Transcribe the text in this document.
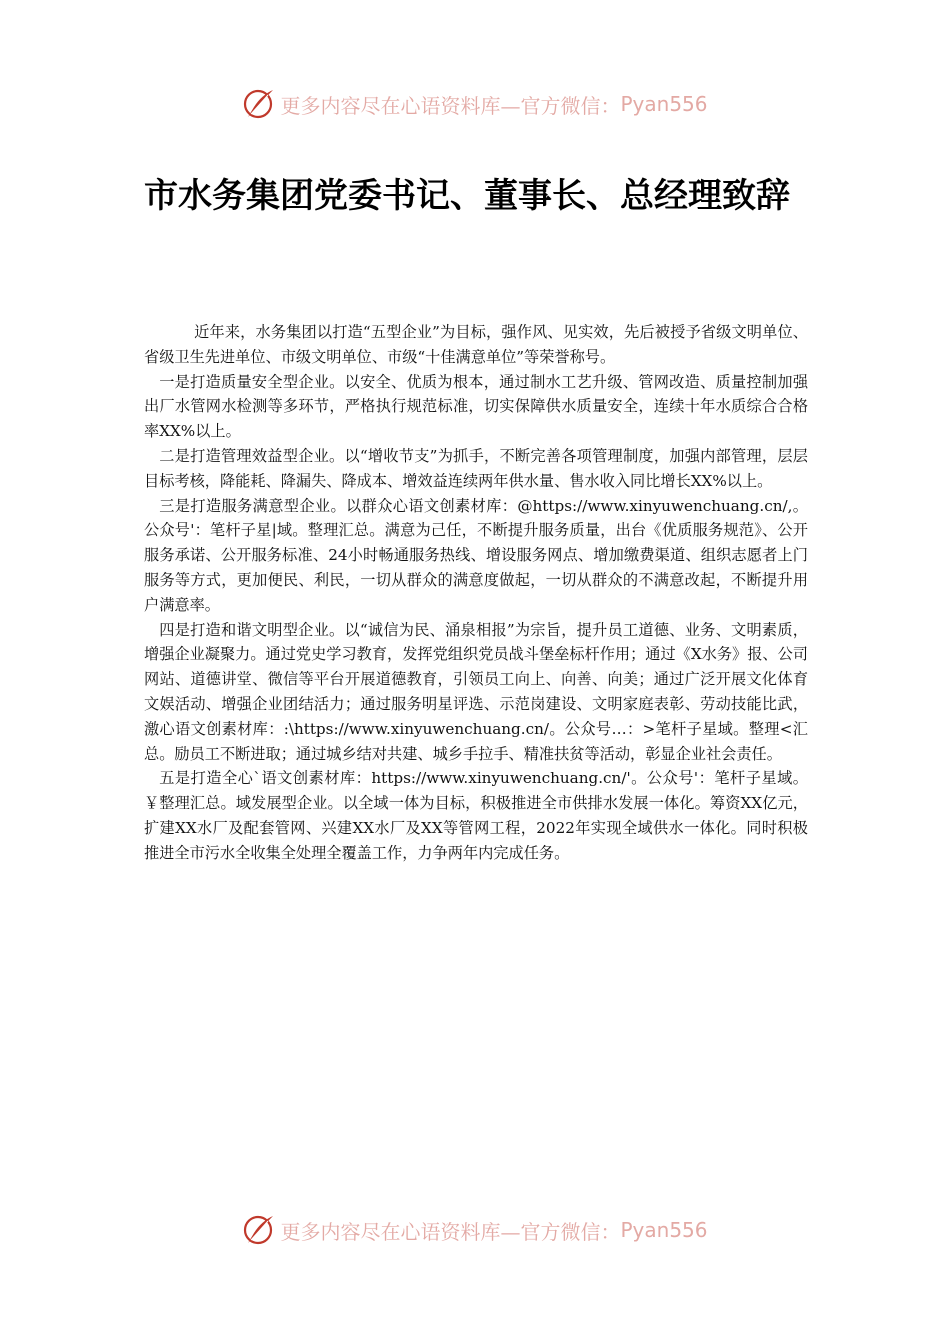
更多内容尽在心语资料库—官方微信： Pyan556
市水务集团党委书记、董事长、总经理致辞

近年来，水务集团以打造“五型企业”为目标，强作风、见实效，先后被授予省级文明单位、省级卫生先进单位、市级文明单位、市级“十佳满意单位”等荣誉称号。

一是打造质量安全型企业。以安全、优质为根本，通过制水工艺升级、管网改造、质量控制加强出厂水管网水检测等多环节，严格执行规范标准，切实保障供水质量安全，连续十年水质综合合格率XX%以上。

二是打造管理效益型企业。以“增收节支”为抓手，不断完善各项管理制度，加强内部管理，层层目标考核，降能耗、降漏失、降成本、增效益连续两年供水量、售水收入同比增长XX%以上。

三是打造服务满意型企业。以群众心语文创素材库：@https://www.xinyuwenchuang.cn/,。公众号'：笔杆子星|域。整理汇总。满意为己任，不断提升服务质量，出台《优质服务规范》、公开服务承诺、公开服务标准、24小时畅通服务热线、增设服务网点、增加缴费渠道、组织志愿者上门服务等方式，更加便民、利民，一切从群众的满意度做起，一切从群众的不满意改起，不断提升用户满意率。

四是打造和谐文明型企业。以“诚信为民、涌泉相报”为宗旨，提升员工道德、业务、文明素质，增强企业凝聚力。通过党史学习教育，发挥党组织党员战斗堡垒标杆作用；通过《X水务》报、公司网站、道德讲堂、微信等平台开展道德教育，引领员工向上、向善、向美；通过广泛开展文化体育文娱活动、增强企业团结活力；通过服务明星评选、示范岗建设、文明家庭表彰、劳动技能比武，激心语文创素材库：:\https://www.xinyuwenchuang.cn/。公众号…：>笔杆子星域。整理<汇总。励员工不断进取；通过城乡结对共建、城乡手拉手、精准扶贫等活动，彰显企业社会责任。

五是打造全心`语文创素材库：https://www.xinyuwenchuang.cn/'。公众号'：笔杆子星域。￥整理汇总。域发展型企业。以全域一体为目标，积极推进全市供排水发展一体化。筹资XX亿元，扩建XX水厂及配套管网、兴建XX水厂及XX等管网工程，2022年实现全域供水一体化。同时积极推进全市污水全收集全处理全覆盖工作，力争两年内完成任务。

更多内容尽在心语资料库—官方微信： Pyan556
